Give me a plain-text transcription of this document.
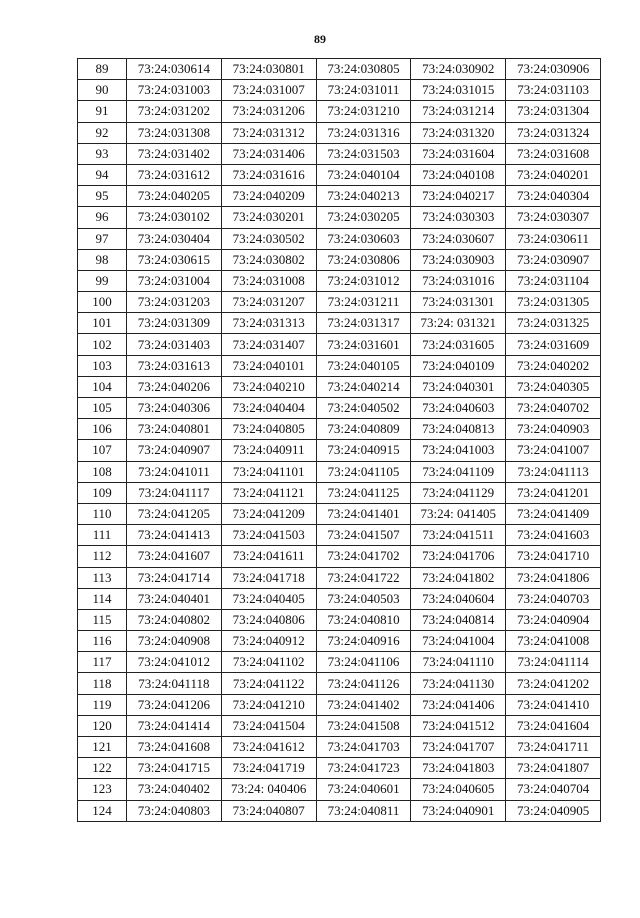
89
89	73:24:030614	73:24:030801	73:24:030805	73:24:030902	73:24:030906
90	73:24:031003	73:24:031007	73:24:031011	73:24:031015	73:24:031103
91	73:24:031202	73:24:031206	73:24:031210	73:24:031214	73:24:031304
92	73:24:031308	73:24:031312	73:24:031316	73:24:031320	73:24:031324
93	73:24:031402	73:24:031406	73:24:031503	73:24:031604	73:24:031608
94	73:24:031612	73:24:031616	73:24:040104	73:24:040108	73:24:040201
95	73:24:040205	73:24:040209	73:24:040213	73:24:040217	73:24:040304
96	73:24:030102	73:24:030201	73:24:030205	73:24:030303	73:24:030307
97	73:24:030404	73:24:030502	73:24:030603	73:24:030607	73:24:030611
98	73:24:030615	73:24:030802	73:24:030806	73:24:030903	73:24:030907
99	73:24:031004	73:24:031008	73:24:031012	73:24:031016	73:24:031104
100	73:24:031203	73:24:031207	73:24:031211	73:24:031301	73:24:031305
101	73:24:031309	73:24:031313	73:24:031317	73:24: 031321	73:24:031325
102	73:24:031403	73:24:031407	73:24:031601	73:24:031605	73:24:031609
103	73:24:031613	73:24:040101	73:24:040105	73:24:040109	73:24:040202
104	73:24:040206	73:24:040210	73:24:040214	73:24:040301	73:24:040305
105	73:24:040306	73:24:040404	73:24:040502	73:24:040603	73:24:040702
106	73:24:040801	73:24:040805	73:24:040809	73:24:040813	73:24:040903
107	73:24:040907	73:24:040911	73:24:040915	73:24:041003	73:24:041007
108	73:24:041011	73:24:041101	73:24:041105	73:24:041109	73:24:041113
109	73:24:041117	73:24:041121	73:24:041125	73:24:041129	73:24:041201
110	73:24:041205	73:24:041209	73:24:041401	73:24: 041405	73:24:041409
111	73:24:041413	73:24:041503	73:24:041507	73:24:041511	73:24:041603
112	73:24:041607	73:24:041611	73:24:041702	73:24:041706	73:24:041710
113	73:24:041714	73:24:041718	73:24:041722	73:24:041802	73:24:041806
114	73:24:040401	73:24:040405	73:24:040503	73:24:040604	73:24:040703
115	73:24:040802	73:24:040806	73:24:040810	73:24:040814	73:24:040904
116	73:24:040908	73:24:040912	73:24:040916	73:24:041004	73:24:041008
117	73:24:041012	73:24:041102	73:24:041106	73:24:041110	73:24:041114
118	73:24:041118	73:24:041122	73:24:041126	73:24:041130	73:24:041202
119	73:24:041206	73:24:041210	73:24:041402	73:24:041406	73:24:041410
120	73:24:041414	73:24:041504	73:24:041508	73:24:041512	73:24:041604
121	73:24:041608	73:24:041612	73:24:041703	73:24:041707	73:24:041711
122	73:24:041715	73:24:041719	73:24:041723	73:24:041803	73:24:041807
123	73:24:040402	73:24: 040406	73:24:040601	73:24:040605	73:24:040704
124	73:24:040803	73:24:040807	73:24:040811	73:24:040901	73:24:040905
